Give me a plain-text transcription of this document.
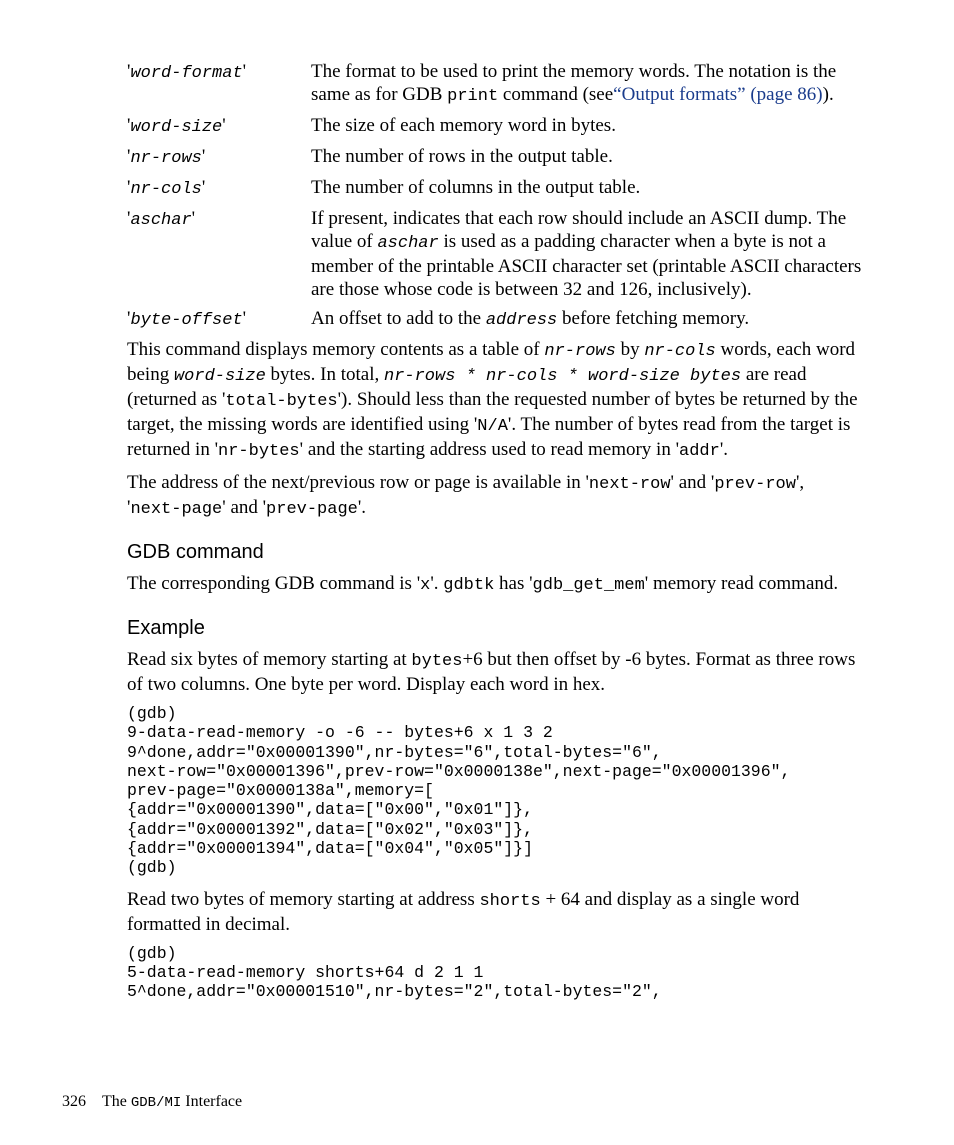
'word-format'	The format to be used to print the memory words. The notation is the same as for GDB print command (see“Output formats” (page 86)).
'word-size'	The size of each memory word in bytes.
'nr-rows'	The number of rows in the output table.
'nr-cols'	The number of columns in the output table.
'aschar'	If present, indicates that each row should include an ASCII dump. The value of aschar is used as a padding character when a byte is not a member of the printable ASCII character set (printable ASCII characters are those whose code is between 32 and 126, inclusively).
'byte-offset'	An offset to add to the address before fetching memory.

This command displays memory contents as a table of nr-rows by nr-cols words, each word being word-size bytes. In total, nr-rows * nr-cols * word-size bytes are read (returned as 'total-bytes'). Should less than the requested number of bytes be returned by the target, the missing words are identified using 'N/A'. The number of bytes read from the target is returned in 'nr-bytes' and the starting address used to read memory in 'addr'.

The address of the next/previous row or page is available in 'next-row' and 'prev-row', 'next-page' and 'prev-page'.

GDB command

The corresponding GDB command is 'x'. gdbtk has 'gdb_get_mem' memory read command.

Example

Read six bytes of memory starting at bytes+6 but then offset by -6 bytes. Format as three rows of two columns. One byte per word. Display each word in hex.

(gdb)
9-data-read-memory -o -6 -- bytes+6 x 1 3 2
9^done,addr="0x00001390",nr-bytes="6",total-bytes="6",
next-row="0x00001396",prev-row="0x0000138e",next-page="0x00001396",
prev-page="0x0000138a",memory=[
{addr="0x00001390",data=["0x00","0x01"]},
{addr="0x00001392",data=["0x02","0x03"]},
{addr="0x00001394",data=["0x04","0x05"]}]
(gdb)

Read two bytes of memory starting at address shorts + 64 and display as a single word formatted in decimal.

(gdb)
5-data-read-memory shorts+64 d 2 1 1
5^done,addr="0x00001510",nr-bytes="2",total-bytes="2",
326 The GDB/MI Interface
